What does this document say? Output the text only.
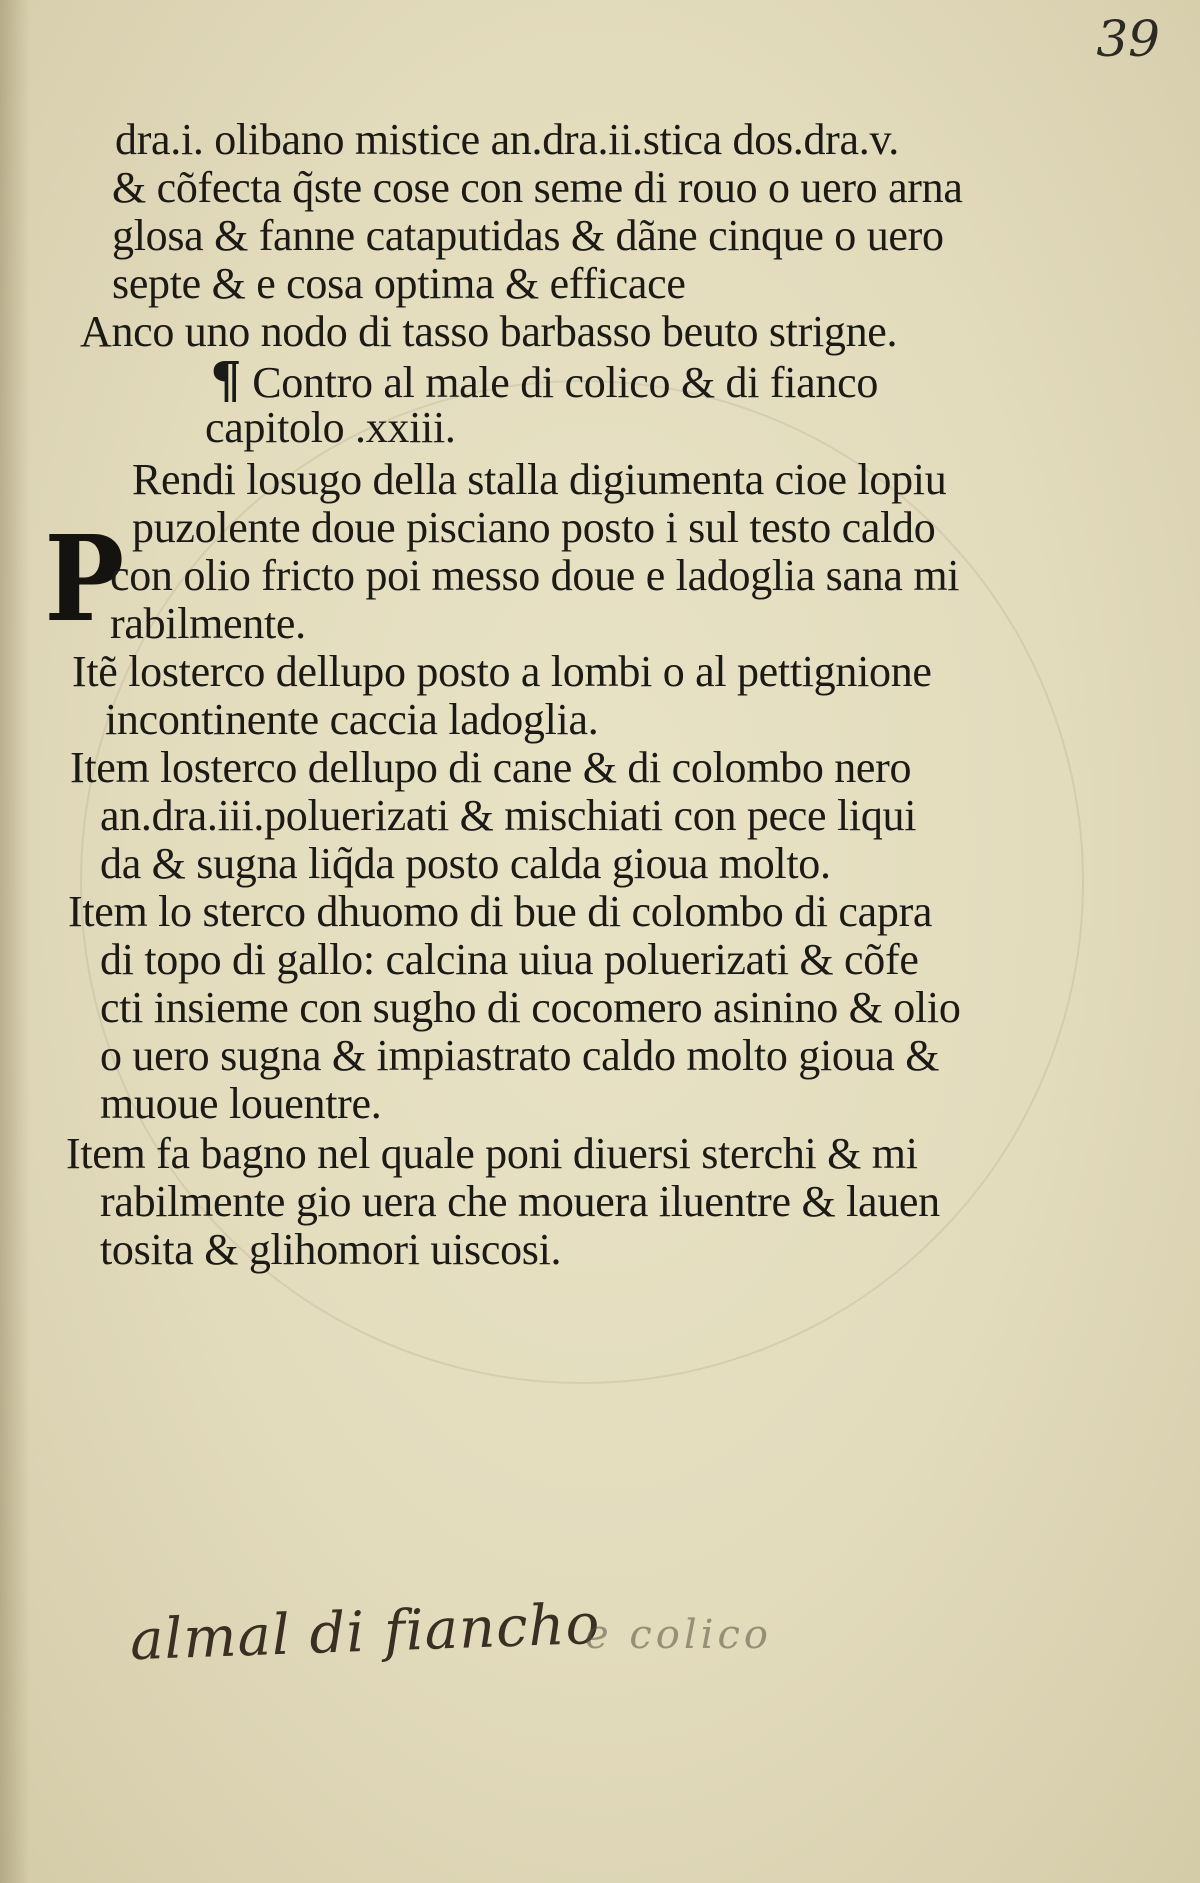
39
P
dra.i. olibano mistice an.dra.ii.stica dos.dra.v.
& cõfecta q̃ste cose con seme di rouo o uero arna
glosa & fanne cataputidas & dãne cinque o uero
septe & e cosa optima & efficace
Anco uno nodo di tasso barbasso beuto strigne.
¶ Contro al male di colico & di fianco
capitolo .xxiii.
Rendi losugo della stalla digiumenta cioe lopiu
puzolente doue pisciano posto i sul testo caldo
con olio fricto poi messo doue e ladoglia sana mi
rabilmente.
Itẽ losterco dellupo posto a lombi o al pettignione
incontinente caccia ladoglia.
Item losterco dellupo di cane & di colombo nero
an.dra.iii.poluerizati & mischiati con pece liqui
da & sugna liq̃da posto calda gioua molto.
Item lo sterco dhuomo di bue di colombo di capra
di topo di gallo: calcina uiua poluerizati & cõfe
cti insieme con sugho di cocomero asinino & olio
o uero sugna & impiastrato caldo molto gioua &
muoue louentre.
Item fa bagno nel quale poni diuersi sterchi & mi
rabilmente gio uera che mouera iluentre & lauen
tosita & glihomori uiscosi.
almal di fiancho
e colico
